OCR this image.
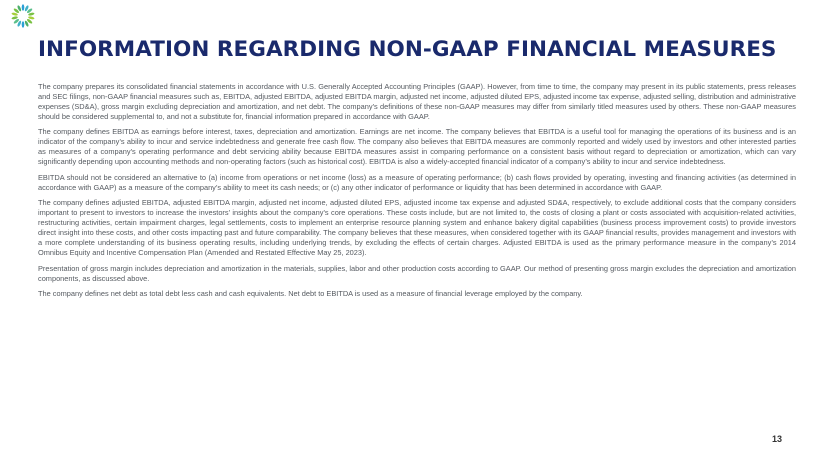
INFORMATION REGARDING NON-GAAP FINANCIAL MEASURES

The company prepares its consolidated financial statements in accordance with U.S. Generally Accepted Accounting Principles (GAAP). However, from time to time, the company may present in its public statements, press releases and SEC filings, non-GAAP financial measures such as, EBITDA, adjusted EBITDA, adjusted EBITDA margin, adjusted net income, adjusted diluted EPS, adjusted income tax expense, adjusted selling, distribution and administrative expenses (SD&A), gross margin excluding depreciation and amortization, and net debt. The company’s definitions of these non-GAAP measures may differ from similarly titled measures used by others. These non-GAAP measures should be considered supplemental to, and not a substitute for, financial information prepared in accordance with GAAP.

The company defines EBITDA as earnings before interest, taxes, depreciation and amortization. Earnings are net income. The company believes that EBITDA is a useful tool for managing the operations of its business and is an indicator of the company’s ability to incur and service indebtedness and generate free cash flow. The company also believes that EBITDA measures are commonly reported and widely used by investors and other interested parties as measures of a company’s operating performance and debt servicing ability because EBITDA measures assist in comparing performance on a consistent basis without regard to depreciation or amortization, which can vary significantly depending upon accounting methods and non-operating factors (such as historical cost). EBITDA is also a widely-accepted financial indicator of a company’s ability to incur and service indebtedness.

EBITDA should not be considered an alternative to (a) income from operations or net income (loss) as a measure of operating performance; (b) cash flows provided by operating, investing and financing activities (as determined in accordance with GAAP) as a measure of the company’s ability to meet its cash needs; or (c) any other indicator of performance or liquidity that has been determined in accordance with GAAP.

The company defines adjusted EBITDA, adjusted EBITDA margin, adjusted net income, adjusted diluted EPS, adjusted income tax expense and adjusted SD&A, respectively, to exclude additional costs that the company considers important to present to investors to increase the investors’ insights about the company’s core operations. These costs include, but are not limited to, the costs of closing a plant or costs associated with acquisition-related activities, restructuring activities, certain impairment charges, legal settlements, costs to implement an enterprise resource planning system and enhance bakery digital capabilities (business process improvement costs) to provide investors direct insight into these costs, and other costs impacting past and future comparability. The company believes that these measures, when considered together with its GAAP financial results, provides management and investors with a more complete understanding of its business operating results, including underlying trends, by excluding the effects of certain charges. Adjusted EBITDA is used as the primary performance measure in the company’s 2014 Omnibus Equity and Incentive Compensation Plan (Amended and Restated Effective May 25, 2023).

Presentation of gross margin includes depreciation and amortization in the materials, supplies, labor and other production costs according to GAAP. Our method of presenting gross margin excludes the depreciation and amortization components, as discussed above.

The company defines net debt as total debt less cash and cash equivalents. Net debt to EBITDA is used as a measure of financial leverage employed by the company.

13
